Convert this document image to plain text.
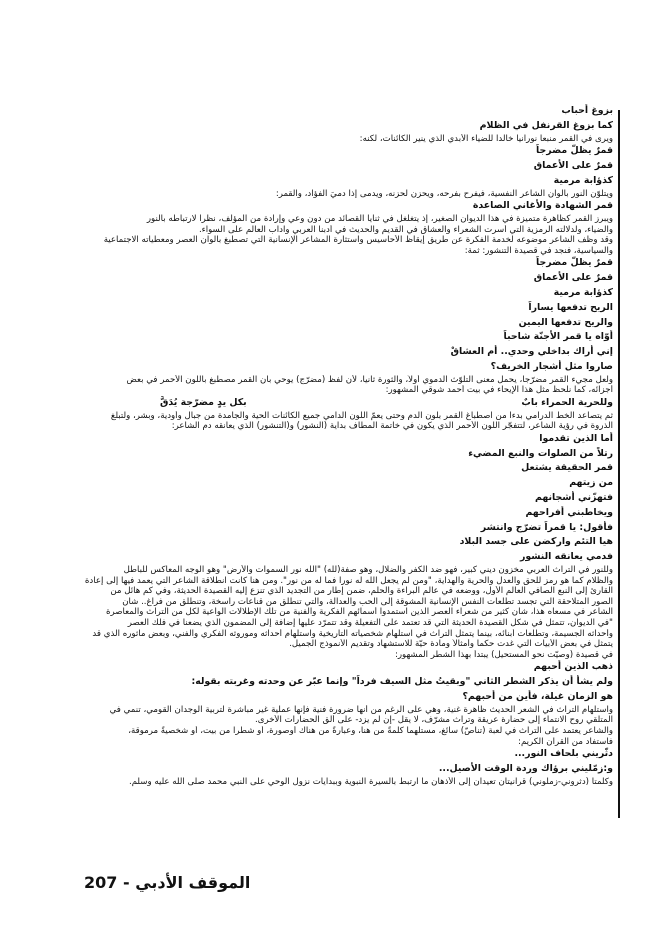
بزوغ أحباب
كما بزوغ القرنفل في الظلام
ويرى في القمر منبعاً نورانياً خالداً للضياء الأبدي الذي ينير الكائنات، لكنه:
قمرٌ يظلُّ مضرجاً
قمرٌ على الأعماق
كذؤابة مرمية
ويتلوّن النور بألوان الشاعر النفسية، فيفرح بفرحه، ويحزن لحزنه، ويدمى إذا دميَ الفؤاد، والقمر:
قمر الشهادة والأغاني الصاعدة
ويبرز القمر كظاهرة متميزة في هذا الديوان الصغير، إذ يتغلغل في ثنايا القصائد من دون وعي وإرادة من المؤلف، نظراً لارتباطه بالنور
والضياء، ولدلالته الرمزية التي أسرت الشعراء والعشاق في القديم والحديث في أدبنا العربي وآداب العالم على السواء.
وقد وظف الشاعر موضوعه لخدمة الفكرة عن طريق إيقاظ الأحاسيس واستثارة المشاعر الإنسانية التي تصطبغ بألوان العصر ومعطياته الاجتماعية
والسياسية، فنجد في قصيدة التنشور: ثمة:
قمرٌ يظلُّ مضرجاً
قمرٌ على الأعماق
كذؤابة مرمية
الريح تدفعها يساراً
والريح تدفعها اليمين
أوّاه يا قمر الأجنّة شاحباً
إني أراك بداخلي وحدي.. أم العشاقْ
صاروا مثل أشجار الخريف؟
ولعل مجيء القمر مضرّجاً، يحمل معنى التلوّث الدموي أولاً، والثورة ثانياً، لأن لفظ (مضرّج) يوحي بأن القمر مصطبغ باللون الأحمر في بعض
أجزائه، كما نلحظ مثل هذا الإيحاء في بيت أحمد شوقي المشهور:
وللحرية الحمراء بابٌ
بكل يدٍ مضرّجة يُدَقُّ
ثم يتصاعد الخط الدرامي بدءاً من اصطباغ القمر بلون الدم وحتى يعمّ اللون الدامي جميع الكائنات الحية والجامدة من جبال وأودية، وبشر، ولتبلغ
الذروة في رؤية الشاعر، لتتفجّر اللون الأحمر الذي يكون في خاتمة المطاف بداية (النشور) و(التنشور) الذي يعانقه دم الشاعر:
أما الذين تقدموا
رتلاً من الصلوات والنبع المضيء
قمر الحقيقة يشتعل
من زيتهم
فتهزّني أشجانهم
ويخاطبني أفراحهم
فأقول: يا قمراً تضرّج وانتشر
هيا التئم واركضن على جسد البلاد
فدمي يعانقه النشور
وللنور في التراث العربي مخزون ديني كبير، فهو ضد الكفر والضلال، وهو صفة(لله) "الله نور السموات والأرض" وهو الوجه المعاكس للباطل
والظلام كما هو رمز للحق والعدل والحرية والهداية، "ومن لم يجعل الله له نوراً فما له من نور". ومن هنا كانت انطلاقة الشاعر التي يعمد فيها إلى إعادة
القارئ إلى النبع الصافي العالم الأول، ووضعه في عالم البراءة والحلم، ضمن إطار من التجديد الذي تنزع إليه القصيدة الحديثة، وفي كم هائل من
الصور المتلاحقة التي تجسد تطلعات النفس الإنسانية المشوقة إلى الحب والعدالة، والتي تنطلق من قناعات راسخة، وتنطلق من فراغ.. شأن
الشاعر في مسعاه هذا، شأن كثير من شعراء العصر الذين استمدوا أسمائهم الفكرية والفنية من تلك الإطلالات الواعية لكل من التراث والمعاصرة
"في الديوان، تتمثل في شكل القصيدة الحديثة التي قد تعتمد على التفعيلة وقد تتمرّد عليها إضافة إلى المضمون الذي يضعنا في فلك العصر
وأحداثه الجسيمة، وتطلعات أبنائه، بينما يتمثل التراث في استلهام شخصياته التاريخية واستلهام أحداثه وموروثه الفكري والفني، وبعض مأثوره الذي قد
يتمثل في بعض الأبيات التي غدت حكماً وأمثالاً ومادة حيّة للاستشهاد وتقديم الأنموذج الجميل.
في قصيدة (وصيّت نحو المستحيل) يبتدأ بهذا الشطر المشهور:
ذهب الذين أحبهم
ولم يشأ أن يذكر الشطر الثاني "وبقيتُ مثل السيف فرداً" وإنما عبّر عن وحدته وغربته بقوله:
هو الزمان غيلة، فأين من أحبهم؟
واستلهام التراث في الشعر الحديث ظاهرة غنية، وهي على الرغم من أنها ضرورة فنية فإنها عملية غير مباشرة لتربية الوجدان القومي، تنمي في
المتلقي روح الانتماء إلى حضارة عريقة وتراث مشرّف، لا يقل -إن لم يزد- على ألق الحضارات الأخرى.
والشاعر يعتمد على التراث في لعبة (تناصّ) سائغ، مستلهماً كلمةً من هنا، وعبارةً من هناك أوصورة، أو شطراً من بيت، أو شخصيةً مرموقة،
فاستفاد من القرآن الكريم:
دثّريني بلحاف النور...
و:زمّليني برؤاك وردة الوقت الأصيل...
وكلمتا (دثروني-زملوني) قرآنيتان تعيدان إلى الأذهان ما ارتبط بالسيرة النبوية وببدايات نزول الوحي على النبي محمد صلى الله عليه وسلم.
الموقف الأدبي - 207
